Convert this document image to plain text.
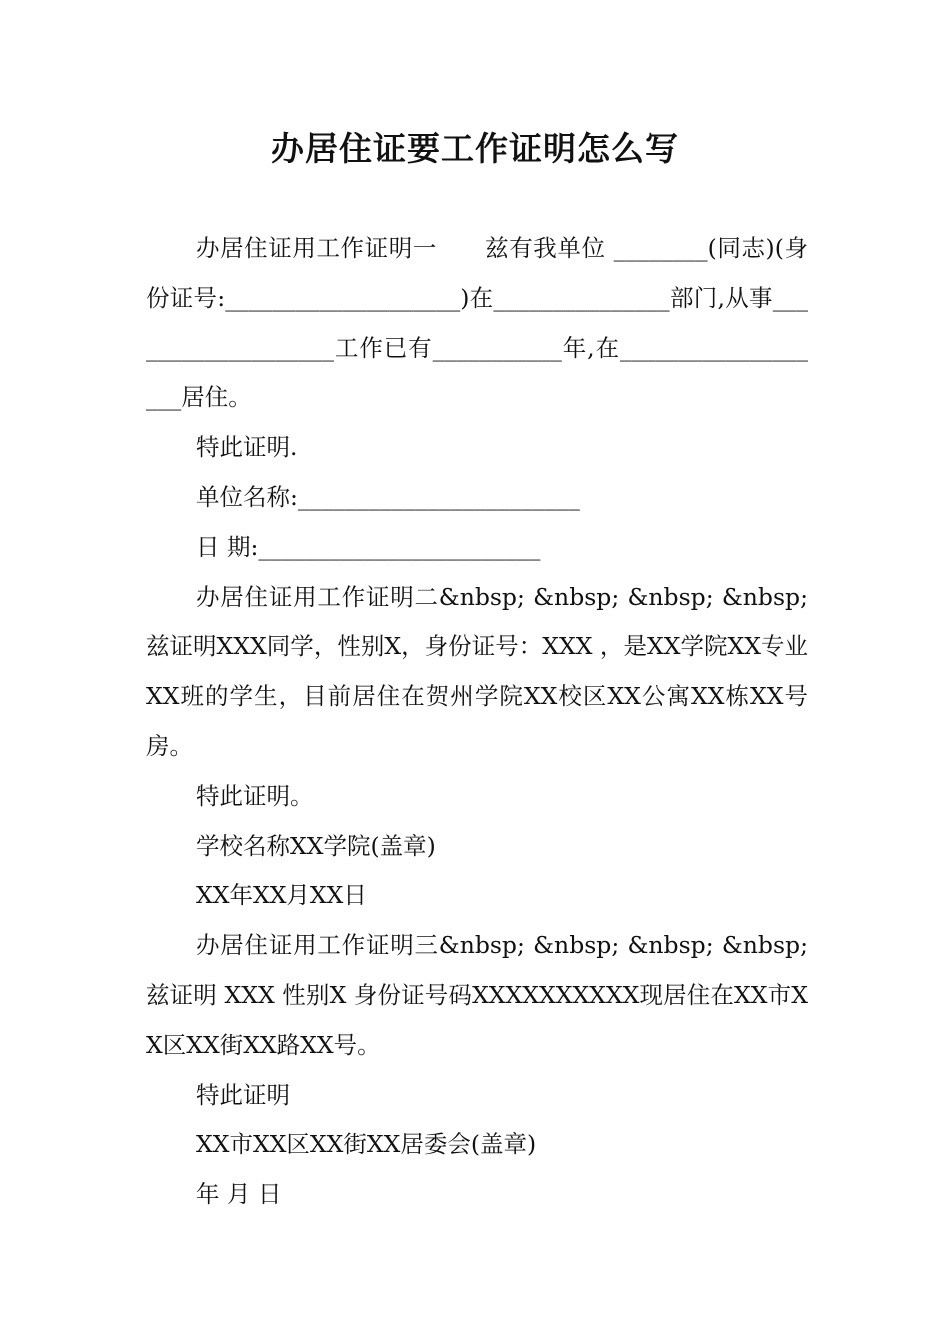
办居住证要工作证明怎么写

办居住证用工作证明一　　兹有我单位 ________(同志)(身份证号:____________________)在_______________部门,从事___________________工作已有___________年,在___________________居住。

特此证明.

单位名称:________________________

日 期:________________________

办居住证用工作证明二&nbsp; &nbsp; &nbsp; &nbsp; 兹证明XXX同学，性别X，身份证号：XXX ，是XX学院XX专业XX班的学生，目前居住在贺州学院XX校区XX公寓XX栋XX号房。

特此证明。

学校名称XX学院(盖章)

XX年XX月XX日

办居住证用工作证明三&nbsp; &nbsp; &nbsp; &nbsp; 兹证明 XXX 性别X 身份证号码XXXXXXXXXX现居住在XX市XX区XX街XX路XX号。

特此证明

XX市XX区XX街XX居委会(盖章)

年 月 日
